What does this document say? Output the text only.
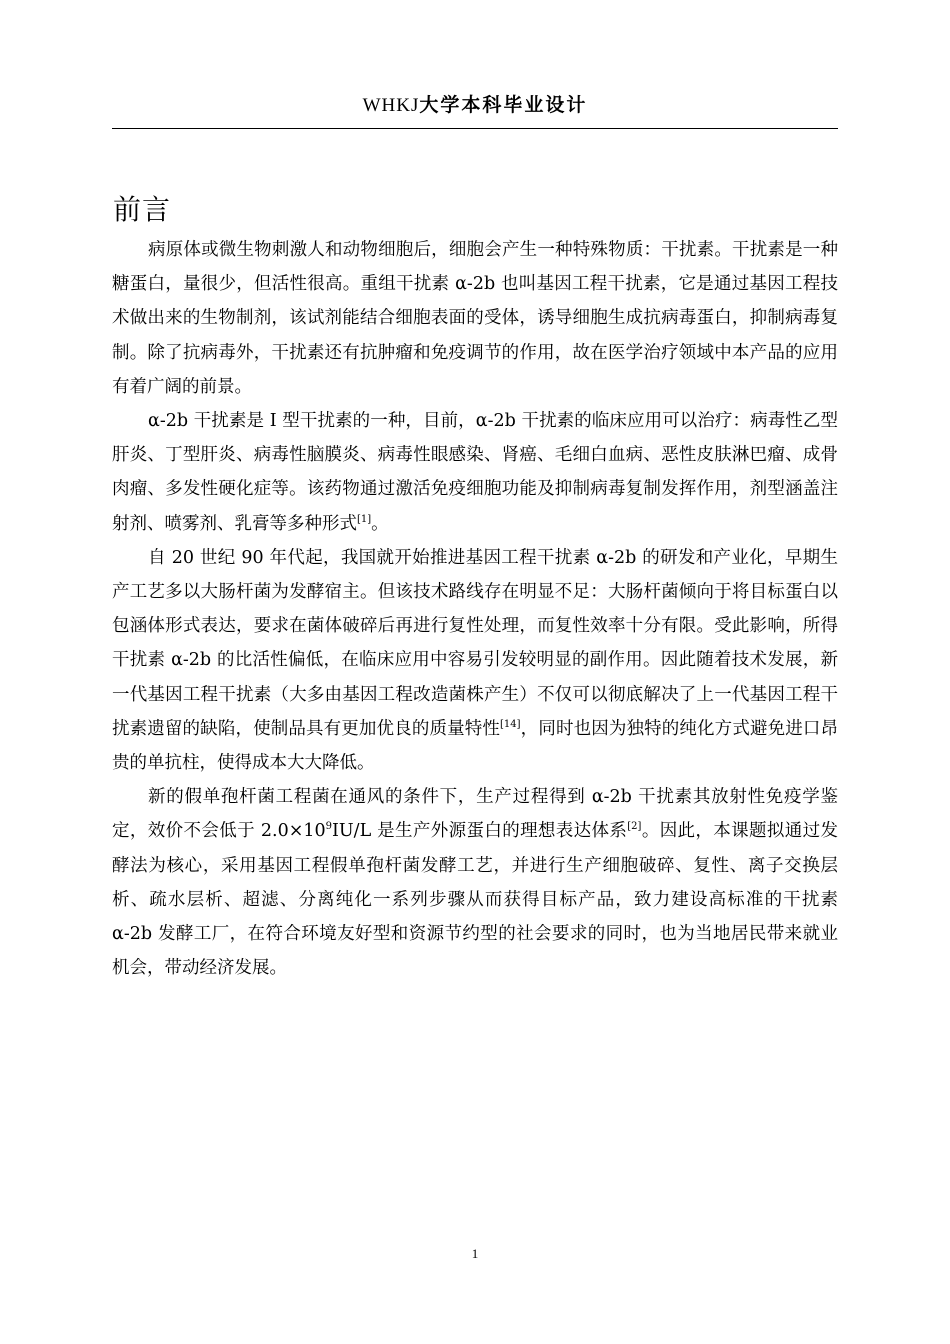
WHKJ大学本科毕业设计
前言

病原体或微生物刺激人和动物细胞后，细胞会产生一种特殊物质：干扰素。干扰素是一种糖蛋白，量很少，但活性很高。重组干扰素 α-2b 也叫基因工程干扰素，它是通过基因工程技术做出来的生物制剂，该试剂能结合细胞表面的受体，诱导细胞生成抗病毒蛋白，抑制病毒复制。除了抗病毒外，干扰素还有抗肿瘤和免疫调节的作用，故在医学治疗领域中本产品的应用有着广阔的前景。

α-2b 干扰素是 I 型干扰素的一种，目前，α-2b 干扰素的临床应用可以治疗：病毒性乙型肝炎、丁型肝炎、病毒性脑膜炎、病毒性眼感染、肾癌、毛细白血病、恶性皮肤淋巴瘤、成骨肉瘤、多发性硬化症等。该药物通过激活免疫细胞功能及抑制病毒复制发挥作用，剂型涵盖注射剂、喷雾剂、乳膏等多种形式[1]。

自 20 世纪 90 年代起，我国就开始推进基因工程干扰素 α-2b 的研发和产业化，早期生产工艺多以大肠杆菌为发酵宿主。但该技术路线存在明显不足：大肠杆菌倾向于将目标蛋白以包涵体形式表达，要求在菌体破碎后再进行复性处理，而复性效率十分有限。受此影响，所得干扰素 α-2b 的比活性偏低，在临床应用中容易引发较明显的副作用。因此随着技术发展，新一代基因工程干扰素（大多由基因工程改造菌株产生）不仅可以彻底解决了上一代基因工程干扰素遗留的缺陷，使制品具有更加优良的质量特性[14]，同时也因为独特的纯化方式避免进口昂贵的单抗柱，使得成本大大降低。

新的假单孢杆菌工程菌在通风的条件下，生产过程得到 α-2b 干扰素其放射性免疫学鉴定，效价不会低于 $2.0\times 10^9IU/L$ 是生产外源蛋白的理想表达体系[2]。因此，本课题拟通过发酵法为核心，采用基因工程假单孢杆菌发酵工艺，并进行生产细胞破碎、复性、离子交换层析、疏水层析、超滤、分离纯化一系列步骤从而获得目标产品，致力建设高标准的干扰素 α-2b 发酵工厂，在符合环境友好型和资源节约型的社会要求的同时，也为当地居民带来就业机会，带动经济发展。

1
